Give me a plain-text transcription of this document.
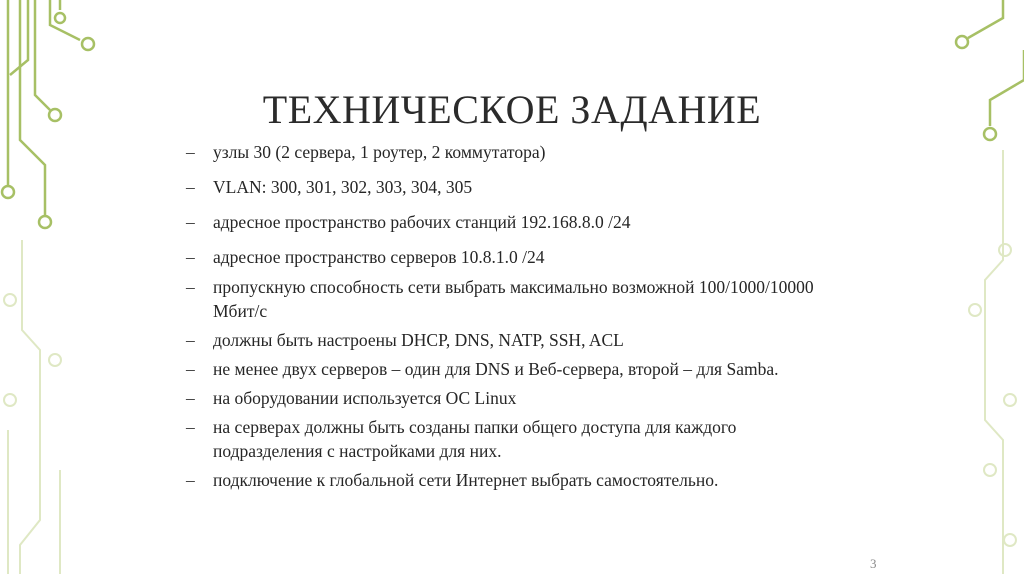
ТЕХНИЧЕСКОЕ ЗАДАНИЕ
– узлы 30 (2 сервера, 1 роутер, 2 коммутатора)
– VLAN: 300, 301, 302, 303, 304, 305
– адресное пространство рабочих станций 192.168.8.0 /24
– адресное пространство серверов 10.8.1.0 /24
– пропускную способность сети выбрать максимально возможной 100/1000/10000 Мбит/с
– должны быть настроены DHCP, DNS, NATP, SSH, ACL
– не менее двух серверов – один для DNS и Веб-сервера, второй – для Samba.
– на оборудовании используется ОС Linux
– на серверах должны быть созданы папки общего доступа для каждого подразделения с настройками для них.
– подключение к глобальной сети Интернет выбрать самостоятельно.
3
